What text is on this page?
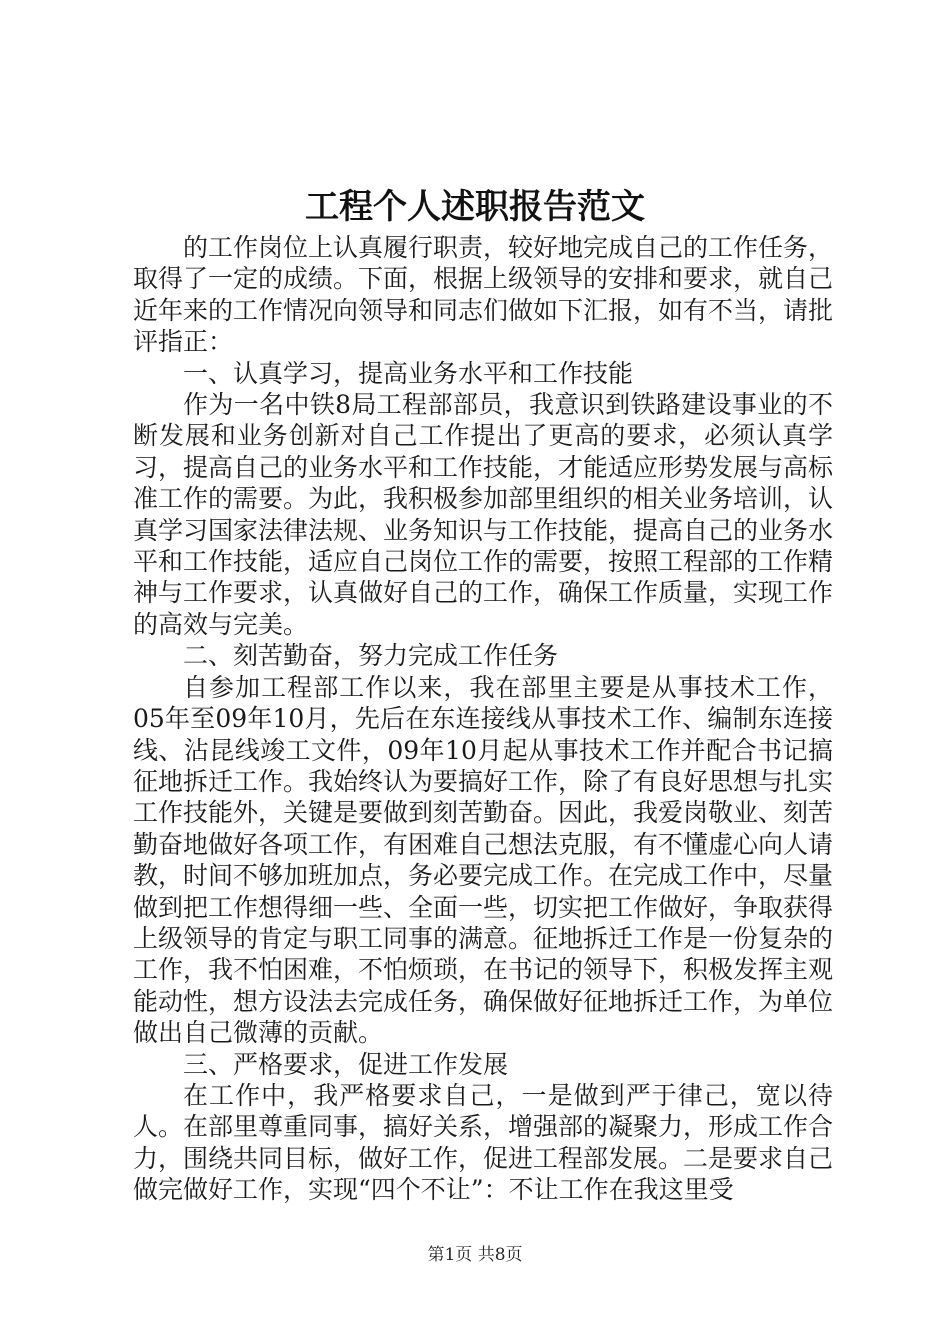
工程个人述职报告范文

的工作岗位上认真履行职责，较好地完成自己的工作任务，取得了一定的成绩。下面，根据上级领导的安排和要求，就自己近年来的工作情况向领导和同志们做如下汇报，如有不当，请批评指正：

一、认真学习，提高业务水平和工作技能

作为一名中铁8局工程部部员，我意识到铁路建设事业的不断发展和业务创新对自己工作提出了更高的要求，必须认真学习，提高自己的业务水平和工作技能，才能适应形势发展与高标准工作的需要。为此，我积极参加部里组织的相关业务培训，认真学习国家法律法规、业务知识与工作技能，提高自己的业务水平和工作技能，适应自己岗位工作的需要，按照工程部的工作精神与工作要求，认真做好自己的工作，确保工作质量，实现工作的高效与完美。

二、刻苦勤奋，努力完成工作任务

自参加工程部工作以来，我在部里主要是从事技术工作，05年至09年10月，先后在东连接线从事技术工作、编制东连接线、沾昆线竣工文件，09年10月起从事技术工作并配合书记搞征地拆迁工作。我始终认为要搞好工作，除了有良好思想与扎实工作技能外，关键是要做到刻苦勤奋。因此，我爱岗敬业、刻苦勤奋地做好各项工作，有困难自己想法克服，有不懂虚心向人请教，时间不够加班加点，务必要完成工作。在完成工作中，尽量做到把工作想得细一些、全面一些，切实把工作做好，争取获得上级领导的肯定与职工同事的满意。征地拆迁工作是一份复杂的工作，我不怕困难，不怕烦琐，在书记的领导下，积极发挥主观能动性，想方设法去完成任务，确保做好征地拆迁工作，为单位做出自己微薄的贡献。

三、严格要求，促进工作发展

在工作中，我严格要求自己，一是做到严于律己，宽以待人。在部里尊重同事，搞好关系，增强部的凝聚力，形成工作合力，围绕共同目标，做好工作，促进工程部发展。二是要求自己做完做好工作，实现“四个不让”：不让工作在我这里受

第1页 共8页
